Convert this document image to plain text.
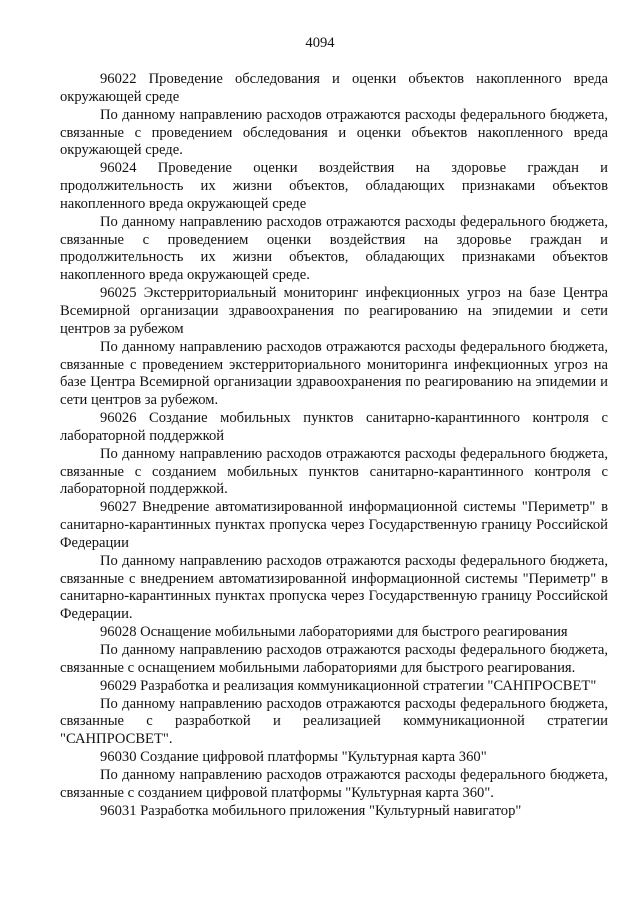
4094

96022 Проведение обследования и оценки объектов накопленного вреда окружающей среде

По данному направлению расходов отражаются расходы федерального бюджета, связанные с проведением обследования и оценки объектов накопленного вреда окружающей среде.

96024 Проведение оценки воздействия на здоровье граждан и продолжительность их жизни объектов, обладающих признаками объектов накопленного вреда окружающей среде

По данному направлению расходов отражаются расходы федерального бюджета, связанные с проведением оценки воздействия на здоровье граждан и продолжительность их жизни объектов, обладающих признаками объектов накопленного вреда окружающей среде.

96025 Экстерриториальный мониторинг инфекционных угроз на базе Центра Всемирной организации здравоохранения по реагированию на эпидемии и сети центров за рубежом

По данному направлению расходов отражаются расходы федерального бюджета, связанные с проведением экстерриториального мониторинга инфекционных угроз на базе Центра Всемирной организации здравоохранения по реагированию на эпидемии и сети центров за рубежом.

96026 Создание мобильных пунктов санитарно-карантинного контроля с лабораторной поддержкой

По данному направлению расходов отражаются расходы федерального бюджета, связанные с созданием мобильных пунктов санитарно-карантинного контроля с лабораторной поддержкой.

96027 Внедрение автоматизированной информационной системы "Периметр" в санитарно-карантинных пунктах пропуска через Государственную границу Российской Федерации

По данному направлению расходов отражаются расходы федерального бюджета, связанные с внедрением автоматизированной информационной системы "Периметр" в санитарно-карантинных пунктах пропуска через Государственную границу Российской Федерации.

96028 Оснащение мобильными лабораториями для быстрого реагирования

По данному направлению расходов отражаются расходы федерального бюджета, связанные с оснащением мобильными лабораториями для быстрого реагирования.

96029 Разработка и реализация коммуникационной стратегии "САНПРОСВЕТ"

По данному направлению расходов отражаются расходы федерального бюджета, связанные с разработкой и реализацией коммуникационной стратегии "САНПРОСВЕТ".

96030 Создание цифровой платформы "Культурная карта 360"

По данному направлению расходов отражаются расходы федерального бюджета, связанные с созданием цифровой платформы "Культурная карта 360".

96031 Разработка мобильного приложения "Культурный навигатор"
